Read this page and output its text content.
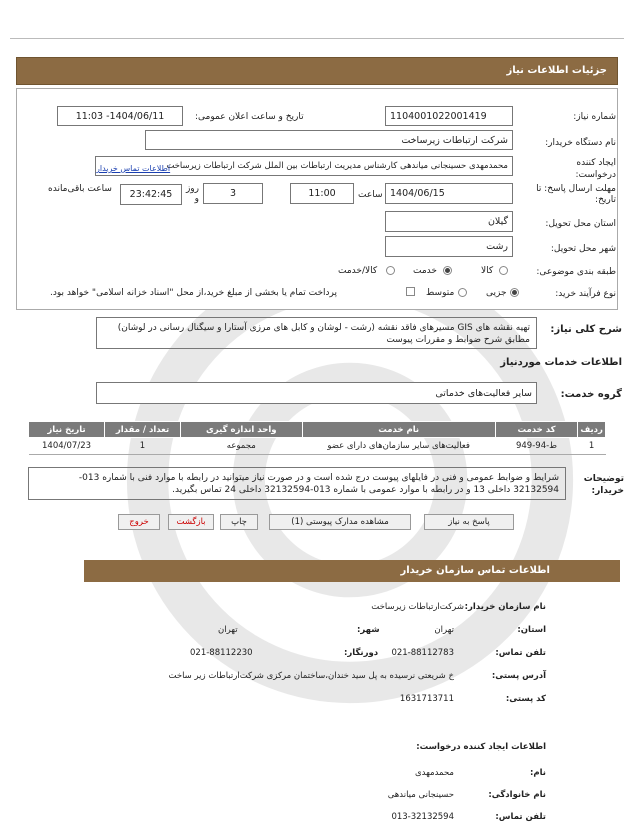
جزئیات اطلاعات نیاز
شماره نیاز:
1104001022001419
تاریخ و ساعت اعلان عمومی:
1404/06/11- 11:03
نام دستگاه خریدار:
شرکت ارتباطات زیرساخت
ایجاد کننده درخواست:
محمدمهدی حسینجانی میاندهی کارشناس مدیریت ارتباطات بین الملل شرکت ارتباطات زیرساخت
اطلاعات تماس خریدار
مهلت ارسال پاسخ: تا تاریخ:
1404/06/15
ساعت
11:00
3
روز و
23:42:45
ساعت باقی‌مانده
استان محل تحویل:
گیلان
شهر محل تحویل:
رشت
طبقه بندی موضوعی:
کالا
خدمت
کالا/خدمت
نوع فرآیند خرید:
جزیی
متوسط
پرداخت تمام یا بخشی از مبلغ خرید،از محل "اسناد خزانه اسلامی" خواهد بود.
شرح کلی نیاز:
تهیه نقشه های GIS مسیرهای فاقد نقشه (رشت - لوشان و کابل های مرزی آستارا و سیگنال رسانی در لوشان) مطابق شرح ضوابط و مقررات پیوست
اطلاعات خدمات موردنیاز
گروه خدمت:
سایر فعالیت‌های خدماتی
ردیف	کد خدمت	نام خدمت	واحد اندازه گیری	تعداد / مقدار	تاریخ نیاز
1	ط-94-949	فعالیت‌های سایر سازمان‌های دارای عضو	مجموعه	1	1404/07/23
توضیحات خریدار:
شرایط و ضوابط عمومی و فنی در فایلهای پیوست درج شده است و در صورت نیاز میتوانید در رابطه با موارد فنی با شماره 013-32132594 داخلی 13 و در رابطه با موارد عمومی با شماره 013-32132594 داخلی 24 تماس بگیرید.
پاسخ به نیاز
مشاهده مدارک پیوستی (1)
چاپ
بازگشت
خروج
اطلاعات تماس سازمان خریدار
نام سازمان خریدار:
شرکت‌ارتباطات زیرساخت
استان:
تهران
شهر:
تهران
تلفن تماس:
021-88112783
دورنگار:
021-88112230
آدرس پستی:
خ شریعتی نرسیده به پل سید خندان،ساختمان مرکزی شرکت‌ارتباطات زیر ساخت
کد پستی:
1631713711
اطلاعات ایجاد کننده درخواست:
نام:
محمدمهدی
نام خانوادگی:
حسینجانی میاندهی
تلفن تماس:
013-32132594
